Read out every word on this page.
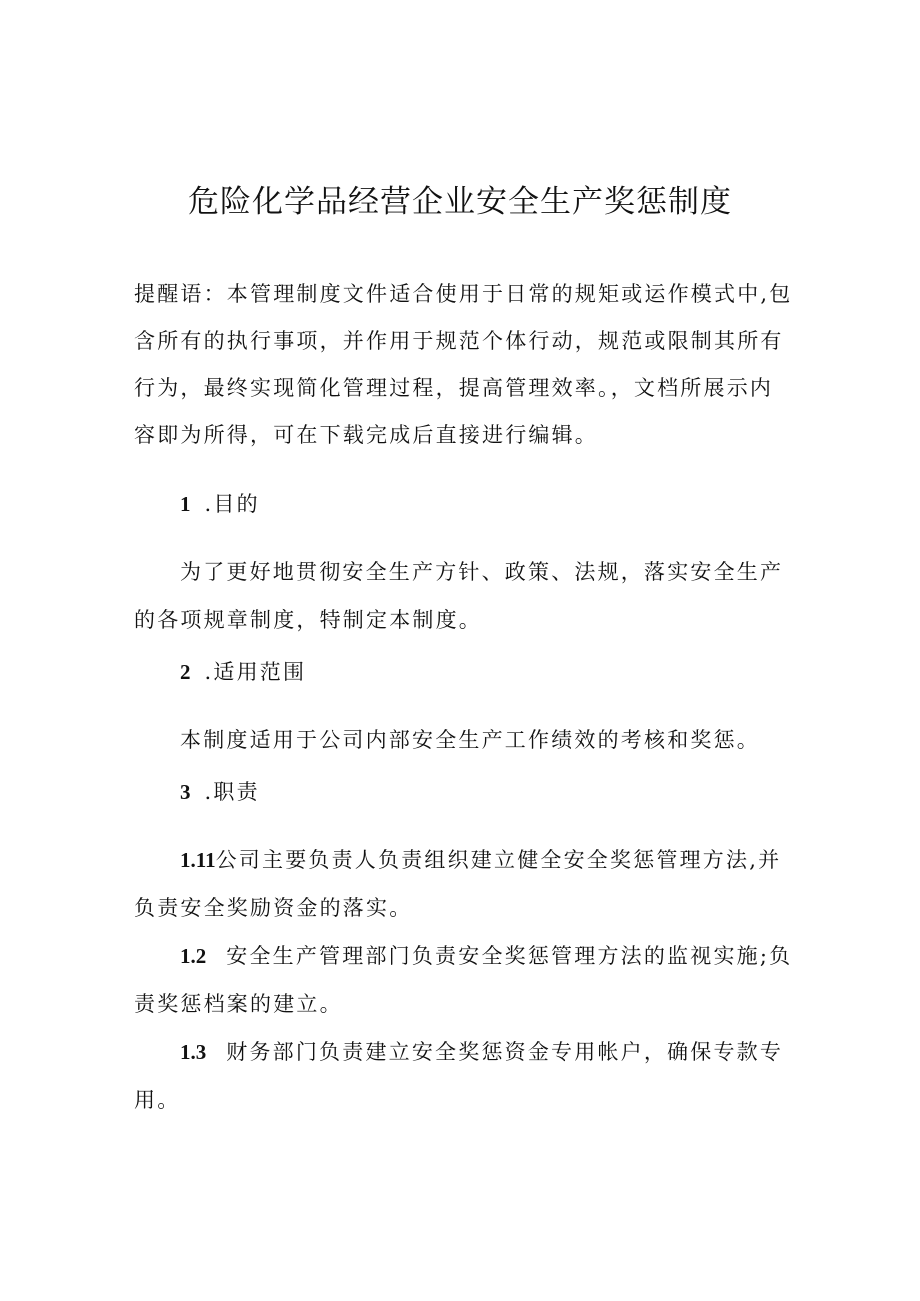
危险化学品经营企业安全生产奖惩制度

提醒语：本管理制度文件适合使用于日常的规矩或运作模式中,包

含所有的执行事项，并作用于规范个体行动，规范或限制其所有

行为，最终实现简化管理过程，提高管理效率。，文档所展示内

容即为所得，可在下载完成后直接进行编辑。

1 .目的

为了更好地贯彻安全生产方针、政策、法规，落实安全生产

的各项规章制度，特制定本制度。

2 .适用范围

本制度适用于公司内部安全生产工作绩效的考核和奖惩。

3 .职责

1.11公司主要负责人负责组织建立健全安全奖惩管理方法,并

负责安全奖励资金的落实。

1.2 安全生产管理部门负责安全奖惩管理方法的监视实施;负

责奖惩档案的建立。

1.3 财务部门负责建立安全奖惩资金专用帐户，确保专款专

用。
